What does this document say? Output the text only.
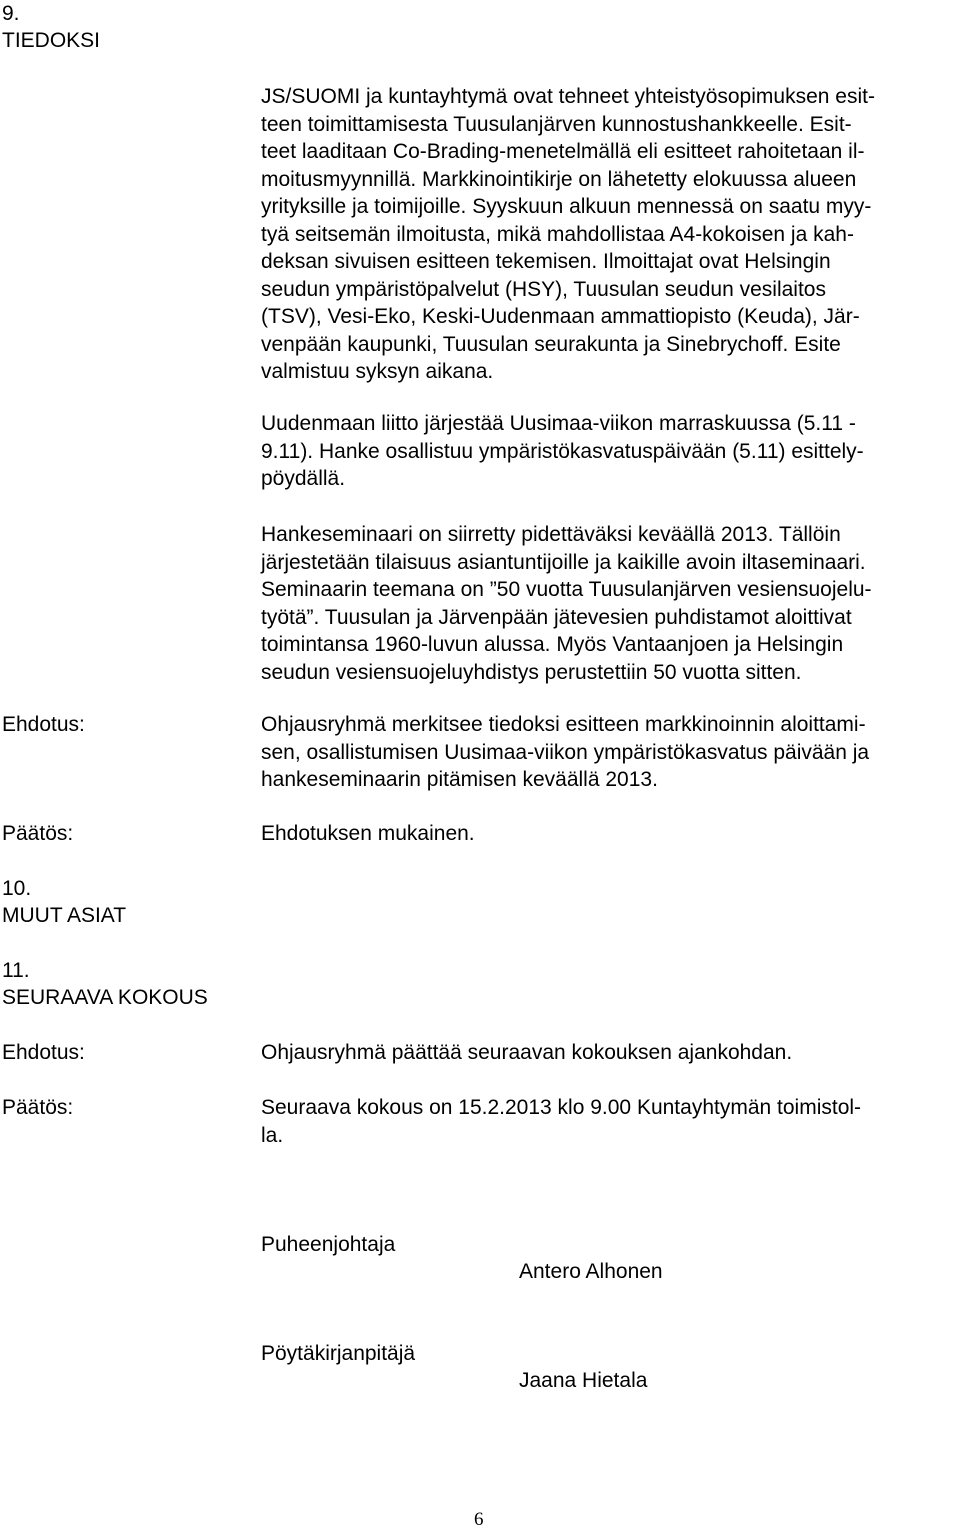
9.
TIEDOKSI
JS/SUOMI ja kuntayhtymä ovat tehneet yhteistyösopimuksen esit-
teen toimittamisesta Tuusulanjärven kunnostushankkeelle. Esit-
teet laaditaan Co-Brading-menetelmällä eli esitteet rahoitetaan il-
moitusmyynnillä. Markkinointikirje on lähetetty elokuussa alueen
yrityksille ja toimijoille. Syyskuun alkuun mennessä on saatu myy-
tyä seitsemän ilmoitusta, mikä mahdollistaa A4-kokoisen ja kah-
deksan sivuisen esitteen tekemisen. Ilmoittajat ovat Helsingin
seudun ympäristöpalvelut (HSY), Tuusulan seudun vesilaitos
(TSV), Vesi-Eko, Keski-Uudenmaan ammattiopisto (Keuda), Jär-
venpään kaupunki, Tuusulan seurakunta ja Sinebrychoff. Esite
valmistuu syksyn aikana.
Uudenmaan liitto järjestää Uusimaa-viikon marraskuussa (5.11 -
9.11). Hanke osallistuu ympäristökasvatuspäivään (5.11) esittely-
pöydällä.
Hankeseminaari on siirretty pidettäväksi keväällä 2013. Tällöin
järjestetään tilaisuus asiantuntijoille ja kaikille avoin iltaseminaari.
Seminaarin teemana on ”50 vuotta Tuusulanjärven vesiensuojelu-
työtä”. Tuusulan ja Järvenpään jätevesien puhdistamot aloittivat
toimintansa 1960-luvun alussa. Myös Vantaanjoen ja Helsingin
seudun vesiensuojeluyhdistys perustettiin 50 vuotta sitten.
Ehdotus:	Ohjausryhmä merkitsee tiedoksi esitteen markkinoinnin aloittami-
sen, osallistumisen Uusimaa-viikon ympäristökasvatus päivään ja
hankeseminaarin pitämisen keväällä 2013.
Päätös:	Ehdotuksen mukainen.
10.
MUUT ASIAT
11.
SEURAAVA KOKOUS
Ehdotus:	Ohjausryhmä päättää seuraavan kokouksen ajankohdan.
Päätös:	Seuraava kokous on 15.2.2013 klo 9.00 Kuntayhtymän toimistol-
la.
Puheenjohtaja
Antero Alhonen
Pöytäkirjanpitäjä
Jaana Hietala
6
